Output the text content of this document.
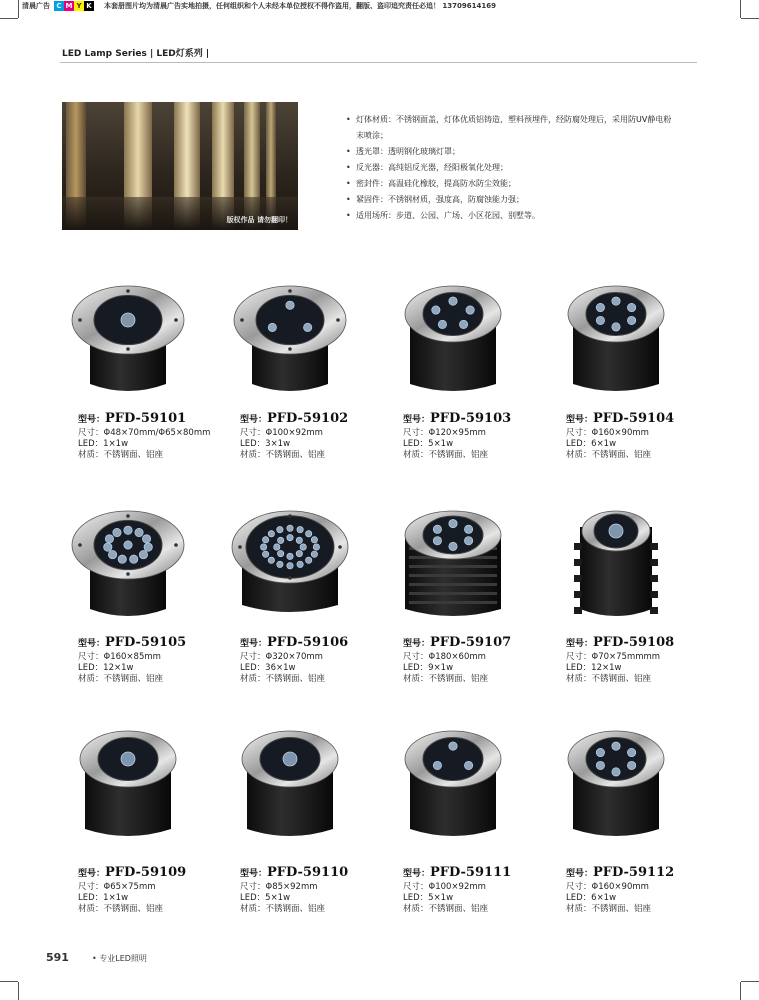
清晨广告 C M Y K	本套册图片均为清晨广告实地拍摄，任何组织和个人未经本单位授权不得作盗用，翻版、盗印追究责任必追！ 13709614169
LED Lamp Series | LED灯系列 |
版权作品 请勿翻印！
• 灯体材质：不锈钢面盖，灯体优质铝铸造，塑料预埋件，经防腐处理后，采用防UV静电粉末喷涂；
• 透光罩：透明钢化玻璃灯罩；
• 反光器：高纯铝反光器，经阳极氧化处理；
• 密封件：高温硅化橡胶，提高防水防尘效能；
• 紧固件：不锈钢材质，强度高，防腐蚀能力强；
• 适用场所：步道、公园、广场、小区花园、别墅等。
型号：PFD-59101
尺寸：Φ48×70mm/Φ65×80mm
LED：1×1w
材质：不锈钢面、铝座
型号：PFD-59102
尺寸：Φ100×92mm
LED：3×1w
材质：不锈钢面、铝座
型号：PFD-59103
尺寸：Φ120×95mm
LED：5×1w
材质：不锈钢面、铝座
型号：PFD-59104
尺寸：Φ160×90mm
LED：6×1w
材质：不锈钢面、铝座
型号：PFD-59105
尺寸：Φ160×85mm
LED：12×1w
材质：不锈钢面、铝座
型号：PFD-59106
尺寸：Φ320×70mm
LED：36×1w
材质：不锈钢面、铝座
型号：PFD-59107
尺寸：Φ180×60mm
LED：9×1w
材质：不锈钢面、铝座
型号：PFD-59108
尺寸：Φ70×75mmmm
LED：12×1w
材质：不锈钢面、铝座
型号：PFD-59109
尺寸：Φ65×75mm
LED：1×1w
材质：不锈钢面、铝座
型号：PFD-59110
尺寸：Φ85×92mm
LED：5×1w
材质：不锈钢面、铝座
型号：PFD-59111
尺寸：Φ100×92mm
LED：5×1w
材质：不锈钢面、铝座
型号：PFD-59112
尺寸：Φ160×90mm
LED：6×1w
材质：不锈钢面、铝座
591	• 专业LED照明
